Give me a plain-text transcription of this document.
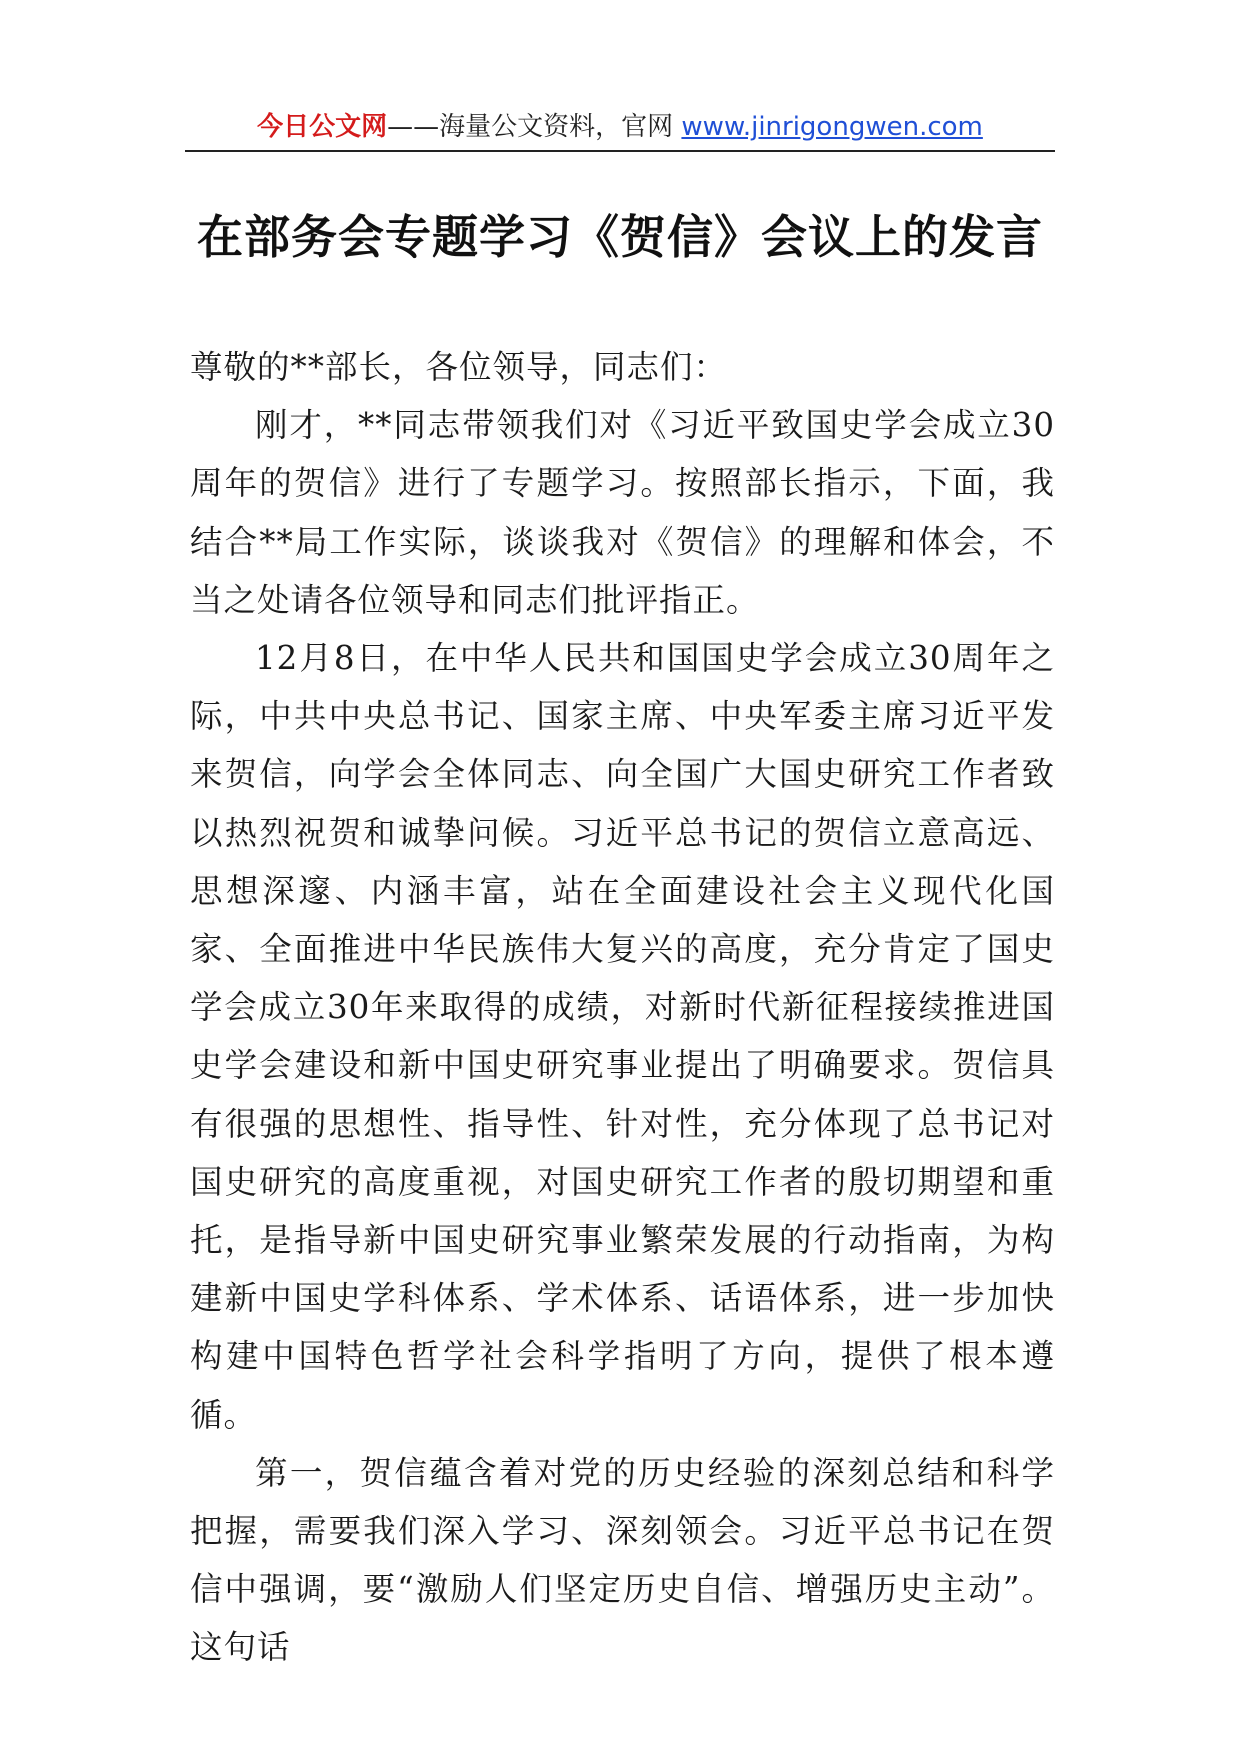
今日公文网——海量公文资料，官网 www.jinrigongwen.com
在部务会专题学习《贺信》会议上的发言

尊敬的**部长，各位领导，同志们：

刚才，**同志带领我们对《习近平致国史学会成立30周年的贺信》进行了专题学习。按照部长指示，下面，我结合**局工作实际，谈谈我对《贺信》的理解和体会，不当之处请各位领导和同志们批评指正。

12月8日，在中华人民共和国国史学会成立30周年之际，中共中央总书记、国家主席、中央军委主席习近平发来贺信，向学会全体同志、向全国广大国史研究工作者致以热烈祝贺和诚挚问候。习近平总书记的贺信立意高远、思想深邃、内涵丰富，站在全面建设社会主义现代化国家、全面推进中华民族伟大复兴的高度，充分肯定了国史学会成立30年来取得的成绩，对新时代新征程接续推进国史学会建设和新中国史研究事业提出了明确要求。贺信具有很强的思想性、指导性、针对性，充分体现了总书记对国史研究的高度重视，对国史研究工作者的殷切期望和重托，是指导新中国史研究事业繁荣发展的行动指南，为构建新中国史学科体系、学术体系、话语体系，进一步加快构建中国特色哲学社会科学指明了方向，提供了根本遵循。

第一，贺信蕴含着对党的历史经验的深刻总结和科学把握，需要我们深入学习、深刻领会。习近平总书记在贺信中强调，要“激励人们坚定历史自信、增强历史主动”。这句话
